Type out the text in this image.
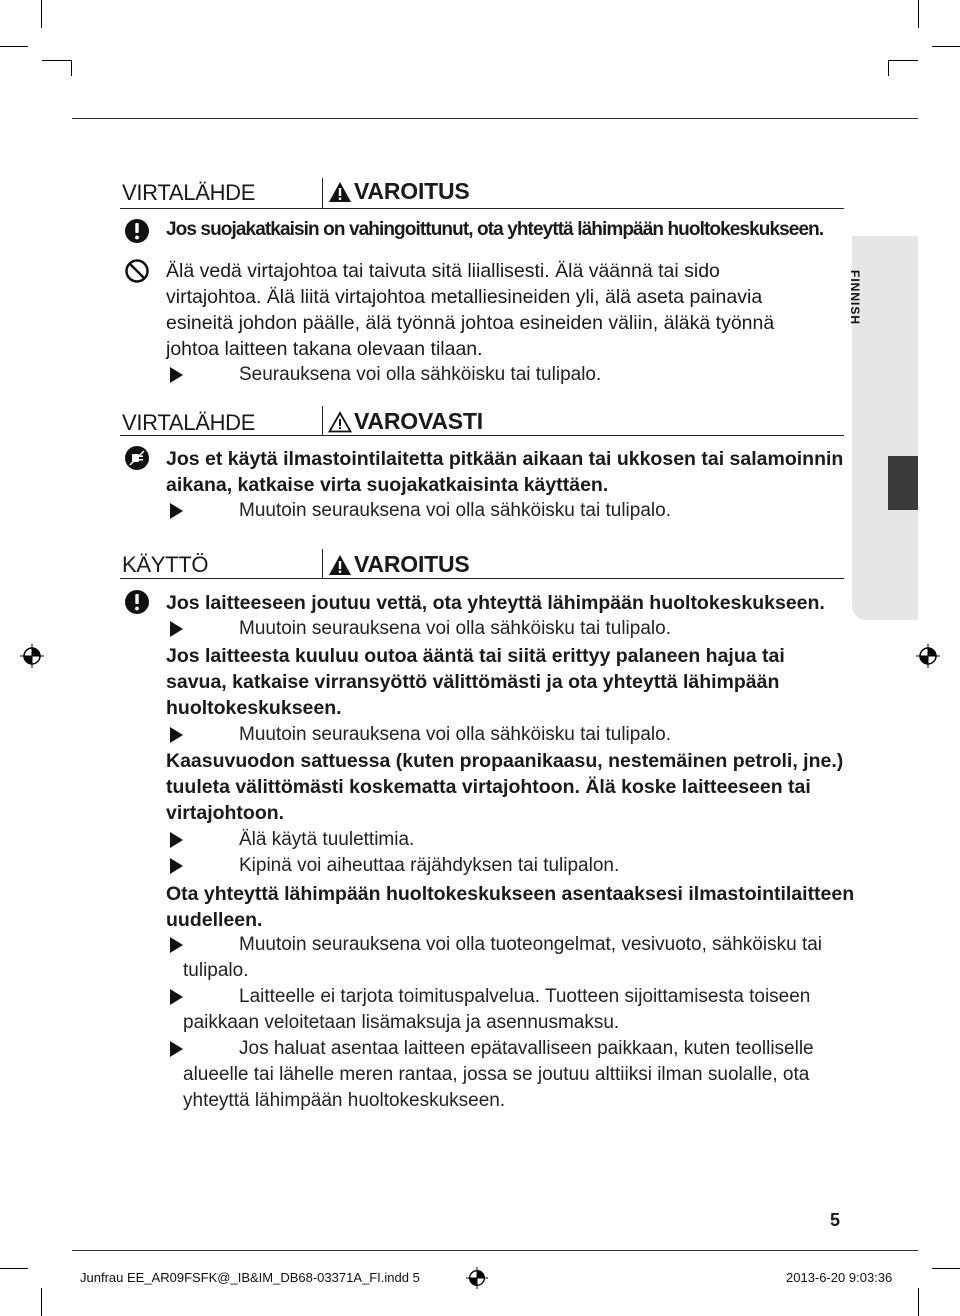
FINNISH
VIRTALÄHDE	VAROITUS
Jos suojakatkaisin on vahingoittunut, ota yhteyttä lähimpään huoltokeskukseen.
Älä vedä virtajohtoa tai taivuta sitä liiallisesti. Älä väännä tai sido
virtajohtoa. Älä liitä virtajohtoa metalliesineiden yli, älä aseta painavia
esineitä johdon päälle, älä työnnä johtoa esineiden väliin, äläkä työnnä
johtoa laitteen takana olevaan tilaan.
Seurauksena voi olla sähköisku tai tulipalo.
VIRTALÄHDE	VAROVASTI
Jos et käytä ilmastointilaitetta pitkään aikaan tai ukkosen tai salamoinnin
aikana, katkaise virta suojakatkaisinta käyttäen.
Muutoin seurauksena voi olla sähköisku tai tulipalo.
KÄYTTÖ	VAROITUS
Jos laitteeseen joutuu vettä, ota yhteyttä lähimpään huoltokeskukseen.
Muutoin seurauksena voi olla sähköisku tai tulipalo.
Jos laitteesta kuuluu outoa ääntä tai siitä erittyy palaneen hajua tai
savua, katkaise virransyöttö välittömästi ja ota yhteyttä lähimpään
huoltokeskukseen.
Muutoin seurauksena voi olla sähköisku tai tulipalo.
Kaasuvuodon sattuessa (kuten propaanikaasu, nestemäinen petroli, jne.)
tuuleta välittömästi koskematta virtajohtoon. Älä koske laitteeseen tai
virtajohtoon.
Älä käytä tuulettimia.
Kipinä voi aiheuttaa räjähdyksen tai tulipalon.
Ota yhteyttä lähimpään huoltokeskukseen asentaaksesi ilmastointilaitteen
uudelleen.
Muutoin seurauksena voi olla tuoteongelmat, vesivuoto, sähköisku tai
tulipalo.
Laitteelle ei tarjota toimituspalvelua. Tuotteen sijoittamisesta toiseen
paikkaan veloitetaan lisämaksuja ja asennusmaksu.
Jos haluat asentaa laitteen epätavalliseen paikkaan, kuten teolliselle
alueelle tai lähelle meren rantaa, jossa se joutuu alttiiksi ilman suolalle, ota
yhteyttä lähimpään huoltokeskukseen.
5
Junfrau EE_AR09FSFK@_IB&IM_DB68-03371A_FI.indd 5	2013-6-20 9:03:36
